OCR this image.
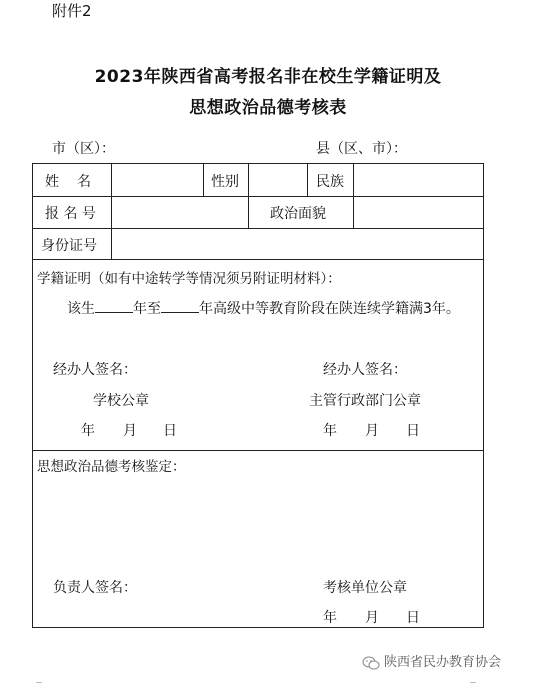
附件2
2023年陕西省高考报名非在校生学籍证明及
思想政治品德考核表
市（区）：	县（区、市）：
姓　名	性别	民族
报 名 号	政治面貌
身份证号
学籍证明（如有中途转学等情况须另附证明材料）：
该生	年至	年高级中等教育阶段在陕连续学籍满3年。
经办人签名：	经办人签名：
学校公章	主管行政部门公章
年 月 日	年 月 日
思想政治品德考核鉴定：
负责人签名：	考核单位公章
年 月 日
陕西省民办教育协会
